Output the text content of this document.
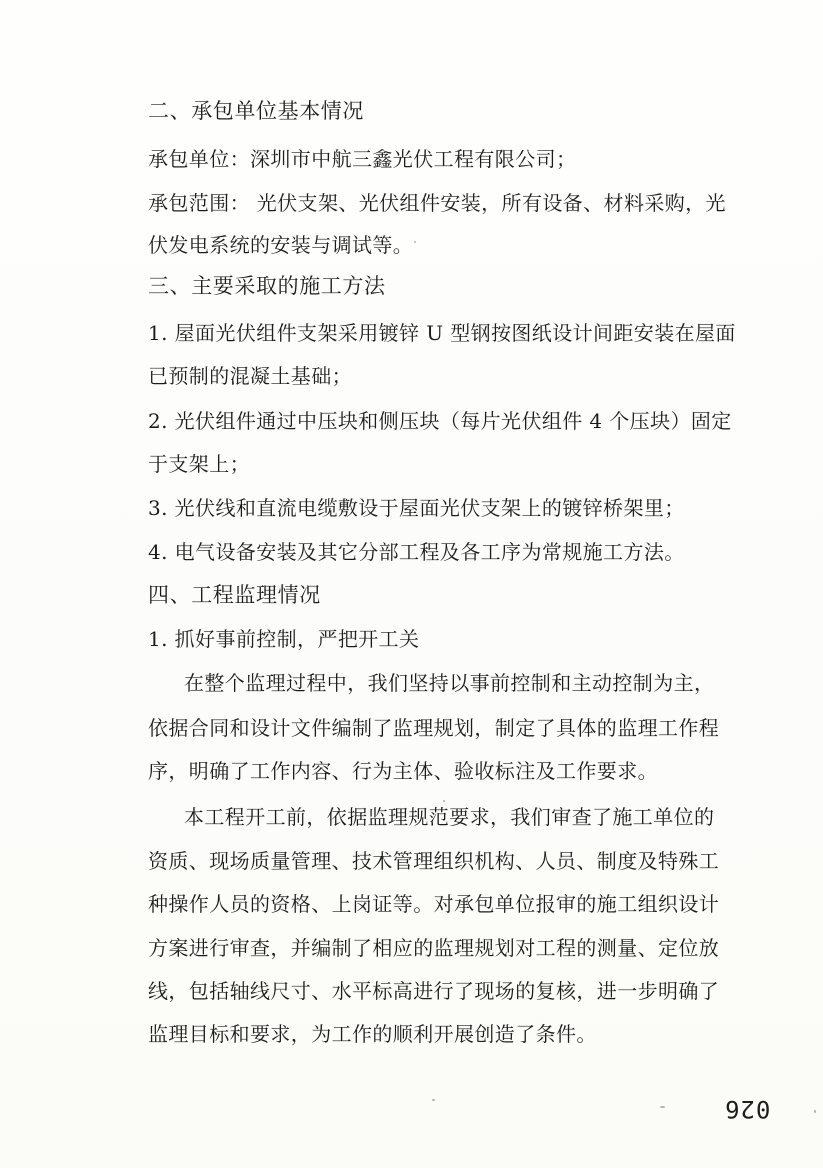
二、承包单位基本情况
承包单位：深圳市中航三鑫光伏工程有限公司；
承包范围： 光伏支架、光伏组件安装，所有设备、材料采购，光
伏发电系统的安装与调试等。
三、主要采取的施工方法
1. 屋面光伏组件支架采用镀锌 U 型钢按图纸设计间距安装在屋面
已预制的混凝土基础；
2. 光伏组件通过中压块和侧压块（每片光伏组件 4 个压块）固定
于支架上；
3. 光伏线和直流电缆敷设于屋面光伏支架上的镀锌桥架里；
4. 电气设备安装及其它分部工程及各工序为常规施工方法。
四、工程监理情况
1. 抓好事前控制，严把开工关
在整个监理过程中，我们坚持以事前控制和主动控制为主，
依据合同和设计文件编制了监理规划，制定了具体的监理工作程
序，明确了工作内容、行为主体、验收标注及工作要求。
本工程开工前，依据监理规范要求，我们审查了施工单位的
资质、现场质量管理、技术管理组织机构、人员、制度及特殊工
种操作人员的资格、上岗证等。对承包单位报审的施工组织设计
方案进行审查，并编制了相应的监理规划对工程的测量、定位放
线，包括轴线尺寸、水平标高进行了现场的复核，进一步明确了
监理目标和要求，为工作的顺利开展创造了条件。
026
